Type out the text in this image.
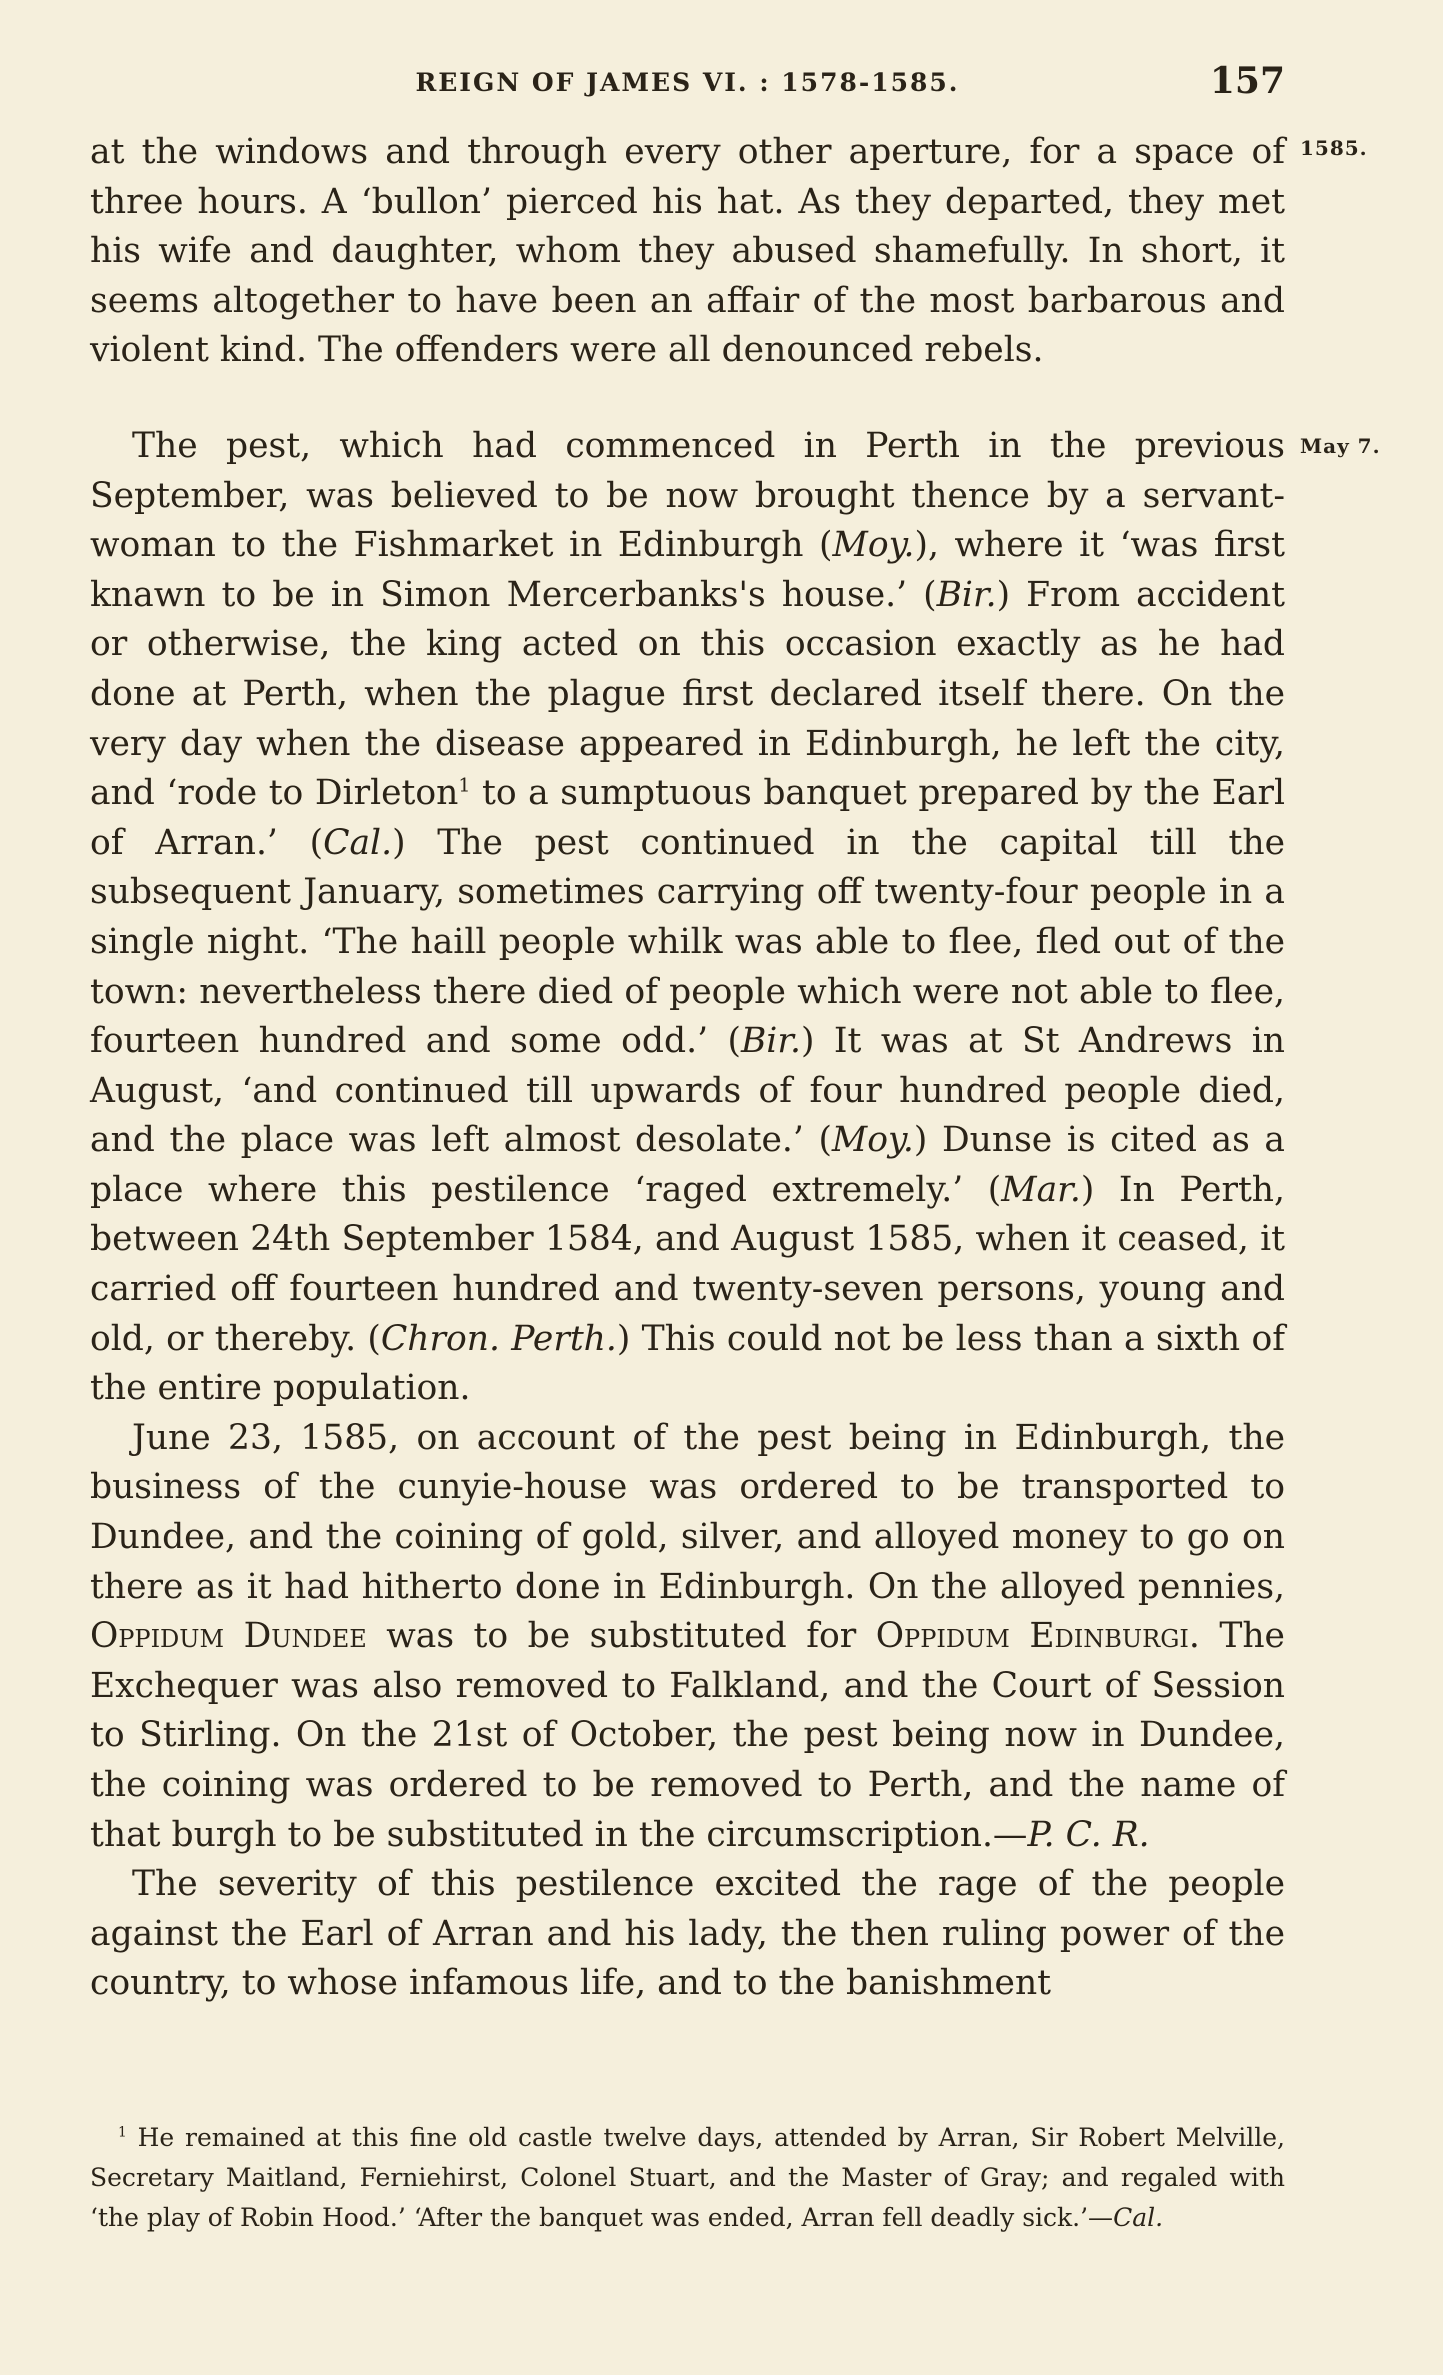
REIGN OF JAMES VI. : 1578-1585.	157
1585.
May 7.

at the windows and through every other aperture, for a space of three hours. A ‘bullon’ pierced his hat. As they departed, they met his wife and daughter, whom they abused shamefully. In short, it seems altogether to have been an affair of the most barbarous and violent kind. The offenders were all denounced rebels.

The pest, which had commenced in Perth in the previous September, was believed to be now brought thence by a servant-woman to the Fishmarket in Edinburgh (Moy.), where it ‘was first knawn to be in Simon Mercerbanks's house.’ (Bir.) From accident or otherwise, the king acted on this occasion exactly as he had done at Perth, when the plague first declared itself there. On the very day when the disease appeared in Edinburgh, he left the city, and ‘rode to Dirleton$^1$ to a sumptuous banquet prepared by the Earl of Arran.’ (Cal.) The pest continued in the capital till the subsequent January, sometimes carrying off twenty-four people in a single night. ‘The haill people whilk was able to flee, fled out of the town: nevertheless there died of people which were not able to flee, fourteen hundred and some odd.’ (Bir.) It was at St Andrews in August, ‘and continued till upwards of four hundred people died, and the place was left almost desolate.’ (Moy.) Dunse is cited as a place where this pestilence ‘raged extremely.’ (Mar.) In Perth, between 24th September 1584, and August 1585, when it ceased, it carried off fourteen hundred and twenty-seven persons, young and old, or thereby. (Chron. Perth.) This could not be less than a sixth of the entire population.

June 23, 1585, on account of the pest being in Edinburgh, the business of the cunyie-house was ordered to be transported to Dundee, and the coining of gold, silver, and alloyed money to go on there as it had hitherto done in Edinburgh. On the alloyed pennies, Oppidum Dundee was to be substituted for Oppidum Edinburgi. The Exchequer was also removed to Falkland, and the Court of Session to Stirling. On the 21st of October, the pest being now in Dundee, the coining was ordered to be removed to Perth, and the name of that burgh to be substituted in the circumscription.—P. C. R.

The severity of this pestilence excited the rage of the people against the Earl of Arran and his lady, the then ruling power of the country, to whose infamous life, and to the banishment

$^1$ He remained at this fine old castle twelve days, attended by Arran, Sir Robert Melville, Secretary Maitland, Ferniehirst, Colonel Stuart, and the Master of Gray; and regaled with ‘the play of Robin Hood.’ ‘After the banquet was ended, Arran fell deadly sick.’—Cal.
